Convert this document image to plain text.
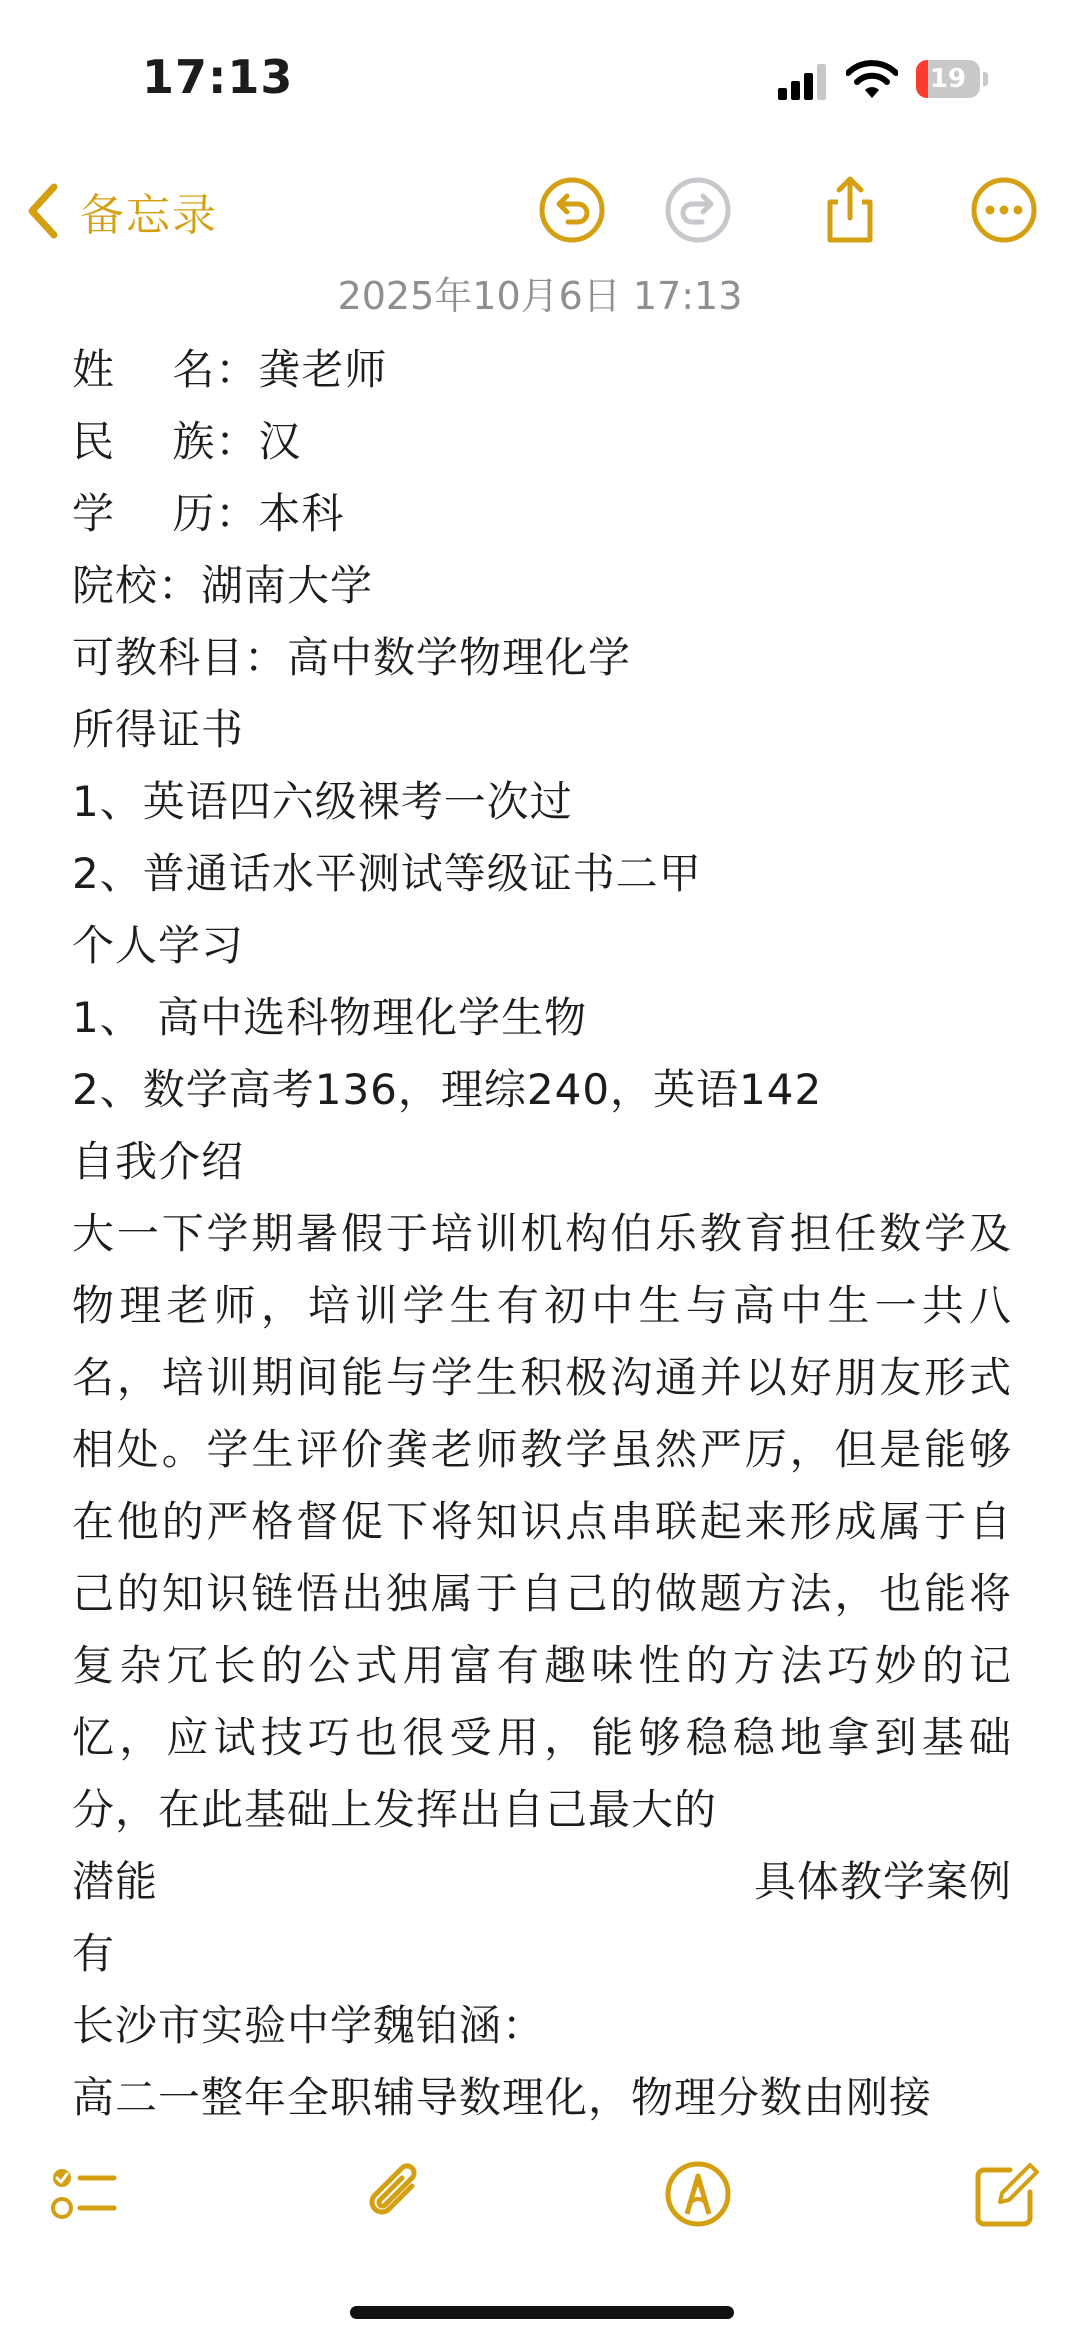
17:13	19
备忘录
2025年10月6日 17:13
姓    名：龚老师
民    族：汉
学    历：本科
院校：湖南大学
可教科目：高中数学物理化学
所得证书
1、英语四六级裸考一次过
2、普通话水平测试等级证书二甲
个人学习
1、 高中选科物理化学生物
2、数学高考136，理综240，英语142
自我介绍
大一下学期暑假于培训机构伯乐教育担任数学及物理老师，培训学生有初中生与高中生一共八名，培训期间能与学生积极沟通并以好朋友形式相处。学生评价龚老师教学虽然严厉，但是能够在他的严格督促下将知识点串联起来形成属于自己的知识链悟出独属于自己的做题方法，也能将复杂冗长的公式用富有趣味性的方法巧妙的记忆，应试技巧也很受用，能够稳稳地拿到基础分，在此基础上发挥出自己最大的
潜能	具体教学案例
有
长沙市实验中学魏铂涵：
高二一整年全职辅导数理化，物理分数由刚接
